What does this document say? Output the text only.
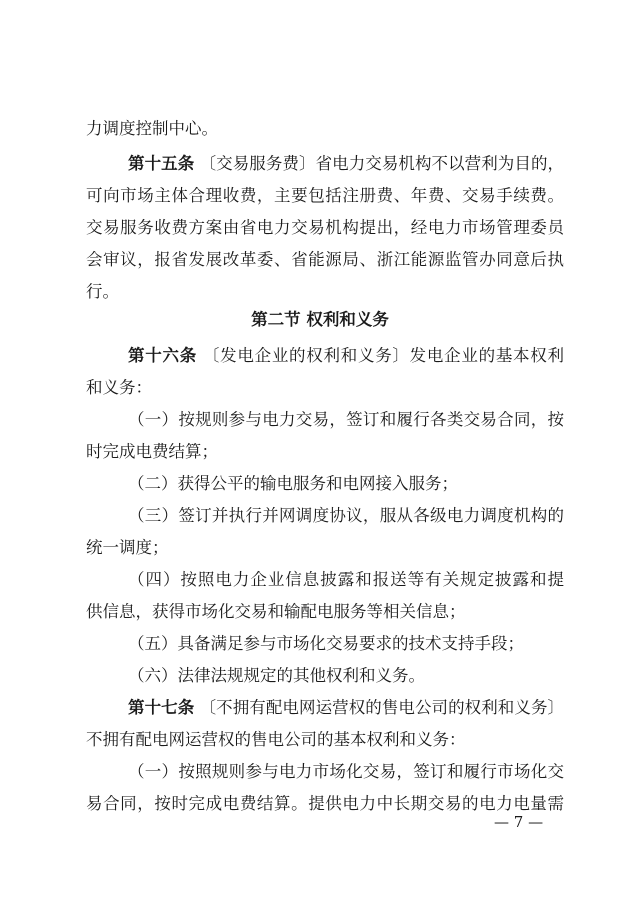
力调度控制中心。
第十五条 〔交易服务费〕省电力交易机构不以营利为目的，
可向市场主体合理收费，主要包括注册费、年费、交易手续费。
交易服务收费方案由省电力交易机构提出，经电力市场管理委员
会审议，报省发展改革委、省能源局、浙江能源监管办同意后执
行。
第二节 权利和义务
第十六条 〔发电企业的权利和义务〕发电企业的基本权利
和义务：
（一）按规则参与电力交易，签订和履行各类交易合同，按
时完成电费结算；
（二）获得公平的输电服务和电网接入服务；
（三）签订并执行并网调度协议，服从各级电力调度机构的
统一调度；
（四）按照电力企业信息披露和报送等有关规定披露和提
供信息，获得市场化交易和输配电服务等相关信息；
（五）具备满足参与市场化交易要求的技术支持手段；
（六）法律法规规定的其他权利和义务。
第十七条 〔不拥有配电网运营权的售电公司的权利和义务〕
不拥有配电网运营权的售电公司的基本权利和义务：
（一）按照规则参与电力市场化交易，签订和履行市场化交
易合同，按时完成电费结算。提供电力中长期交易的电力电量需
— 7 —
